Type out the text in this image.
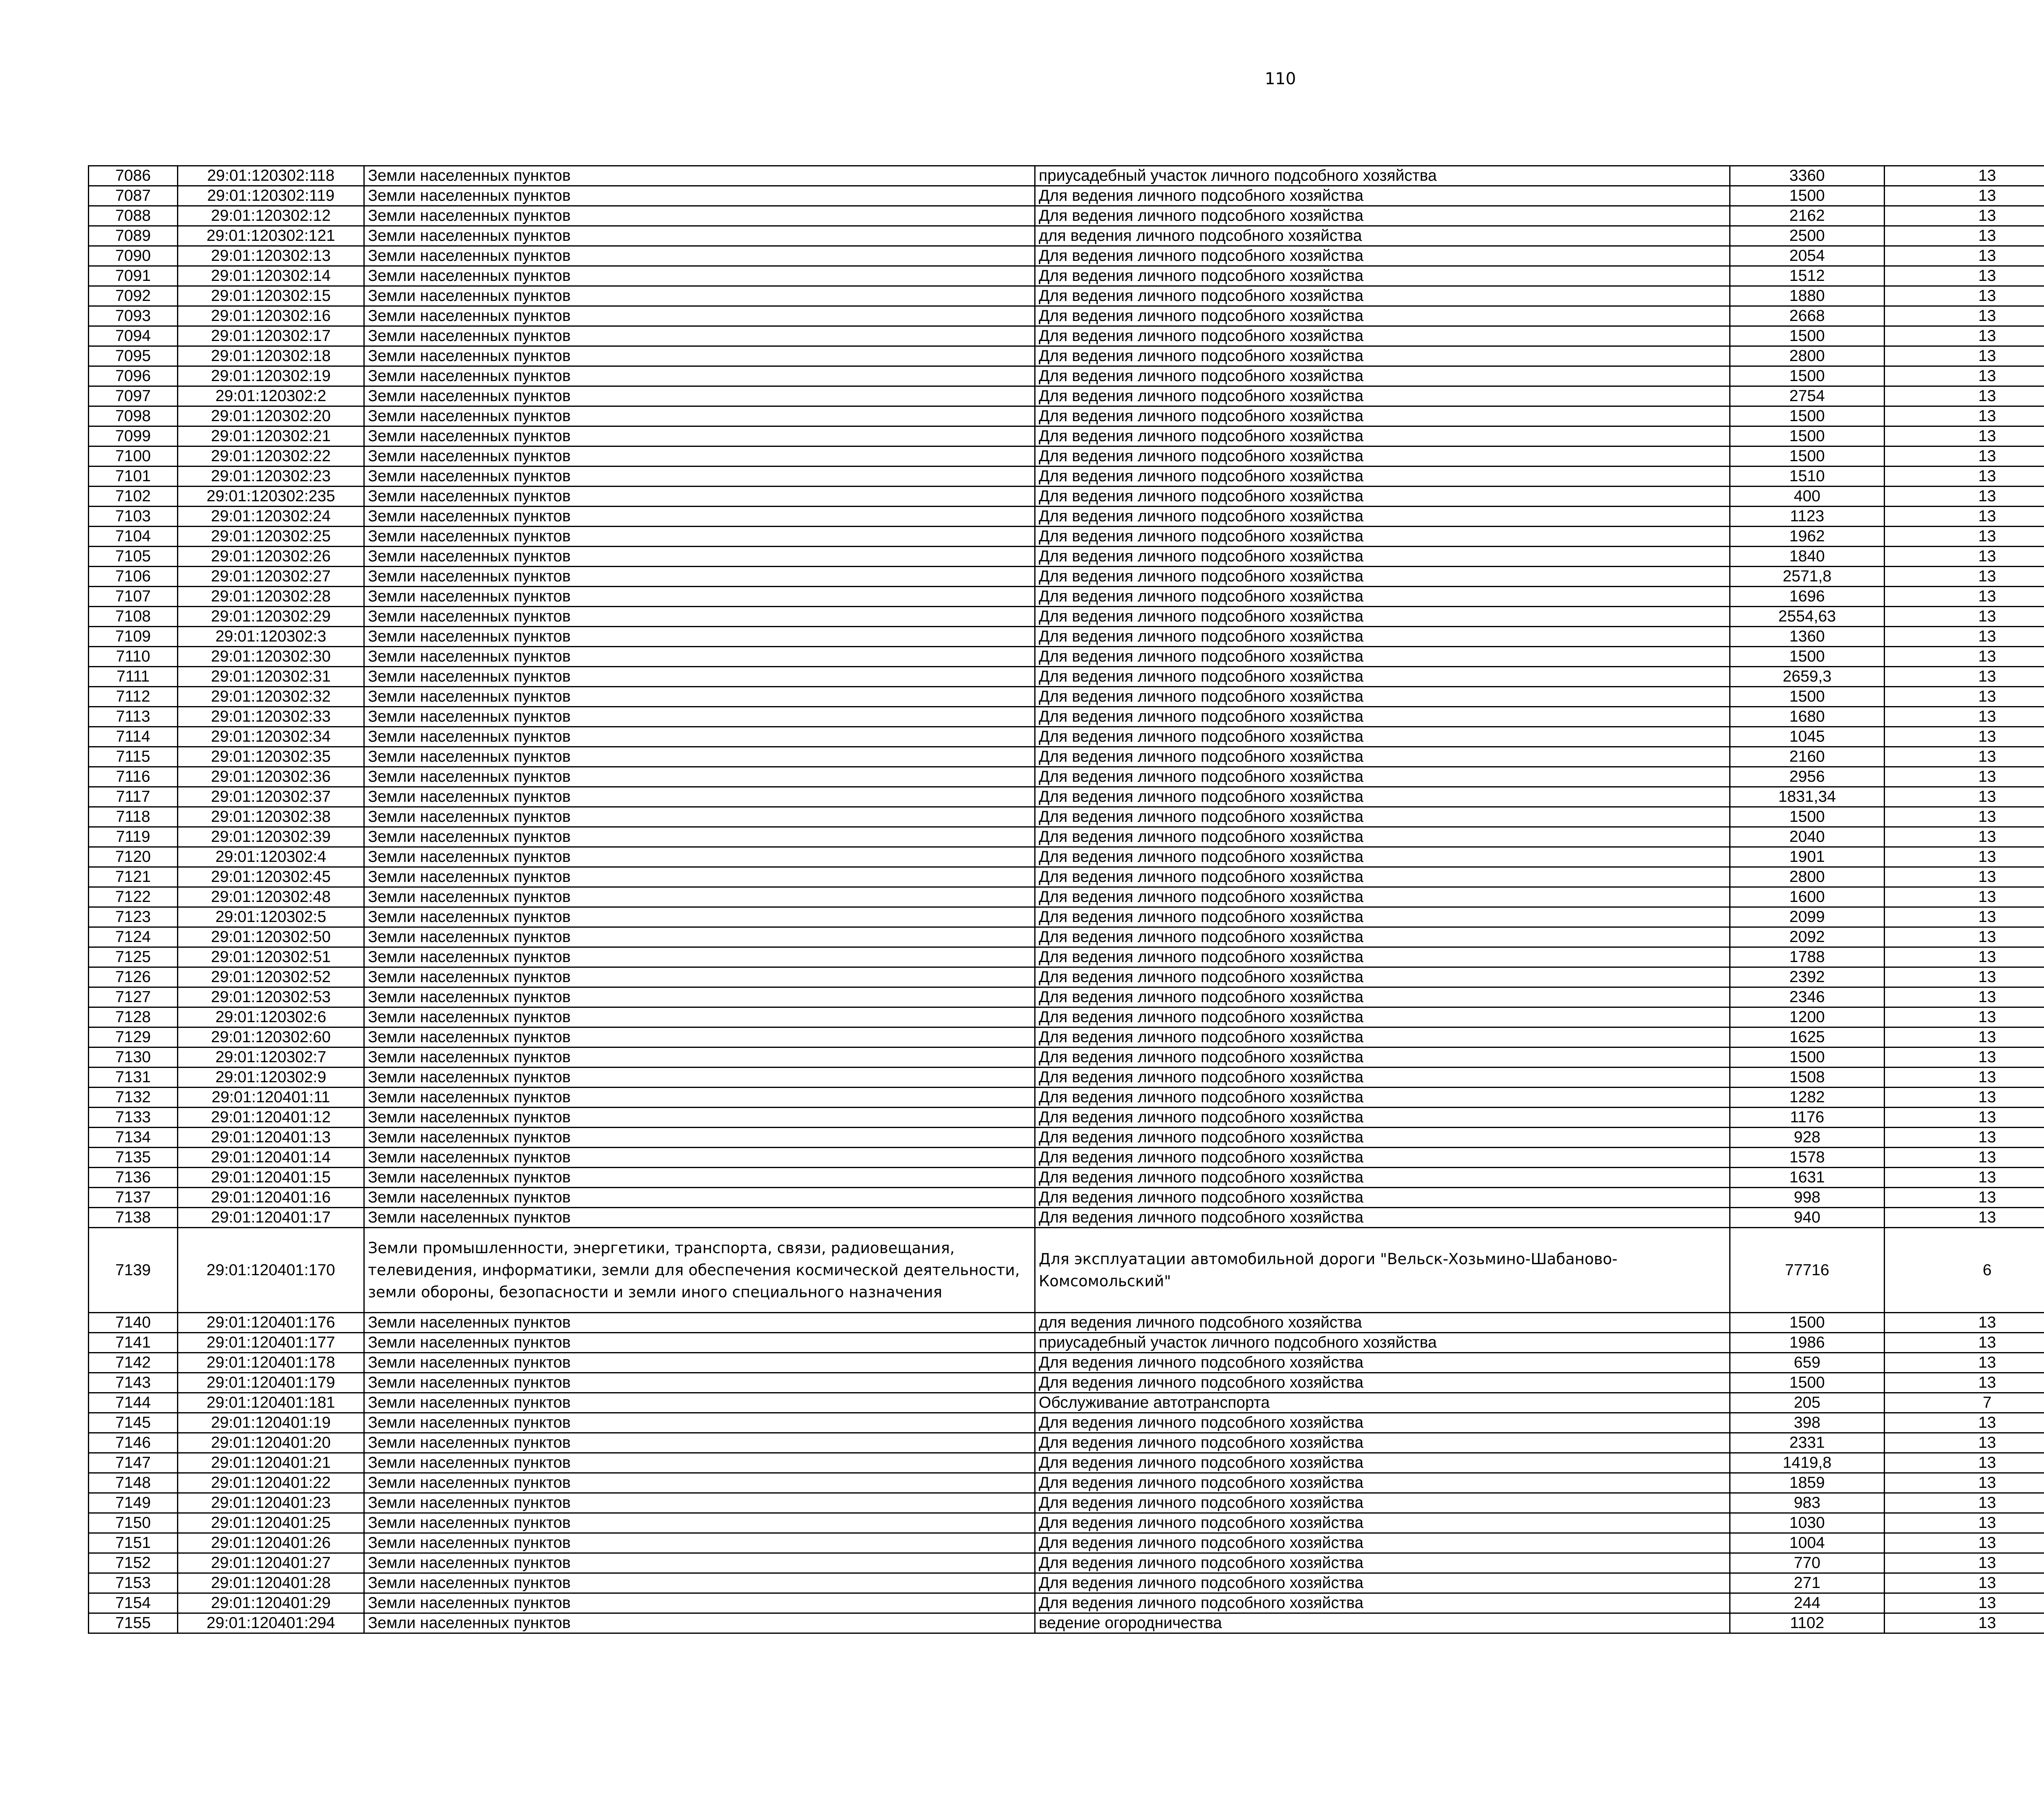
110
7086	29:01:120302:118	Земли населенных пунктов	приусадебный участок личного подсобного хозяйства	3360	13		
7087	29:01:120302:119	Земли населенных пунктов	Для ведения личного подсобного хозяйства	1500	13		
7088	29:01:120302:12	Земли населенных пунктов	Для ведения личного подсобного хозяйства	2162	13		
7089	29:01:120302:121	Земли населенных пунктов	для ведения личного подсобного хозяйства	2500	13		
7090	29:01:120302:13	Земли населенных пунктов	Для ведения личного подсобного хозяйства	2054	13		
7091	29:01:120302:14	Земли населенных пунктов	Для ведения личного подсобного хозяйства	1512	13		
7092	29:01:120302:15	Земли населенных пунктов	Для ведения личного подсобного хозяйства	1880	13		
7093	29:01:120302:16	Земли населенных пунктов	Для ведения личного подсобного хозяйства	2668	13		
7094	29:01:120302:17	Земли населенных пунктов	Для ведения личного подсобного хозяйства	1500	13		
7095	29:01:120302:18	Земли населенных пунктов	Для ведения личного подсобного хозяйства	2800	13		
7096	29:01:120302:19	Земли населенных пунктов	Для ведения личного подсобного хозяйства	1500	13		
7097	29:01:120302:2	Земли населенных пунктов	Для ведения личного подсобного хозяйства	2754	13		
7098	29:01:120302:20	Земли населенных пунктов	Для ведения личного подсобного хозяйства	1500	13		
7099	29:01:120302:21	Земли населенных пунктов	Для ведения личного подсобного хозяйства	1500	13		
7100	29:01:120302:22	Земли населенных пунктов	Для ведения личного подсобного хозяйства	1500	13		
7101	29:01:120302:23	Земли населенных пунктов	Для ведения личного подсобного хозяйства	1510	13		
7102	29:01:120302:235	Земли населенных пунктов	Для ведения личного подсобного хозяйства	400	13		
7103	29:01:120302:24	Земли населенных пунктов	Для ведения личного подсобного хозяйства	1123	13		
7104	29:01:120302:25	Земли населенных пунктов	Для ведения личного подсобного хозяйства	1962	13		
7105	29:01:120302:26	Земли населенных пунктов	Для ведения личного подсобного хозяйства	1840	13		
7106	29:01:120302:27	Земли населенных пунктов	Для ведения личного подсобного хозяйства	2571,8	13		
7107	29:01:120302:28	Земли населенных пунктов	Для ведения личного подсобного хозяйства	1696	13		
7108	29:01:120302:29	Земли населенных пунктов	Для ведения личного подсобного хозяйства	2554,63	13		
7109	29:01:120302:3	Земли населенных пунктов	Для ведения личного подсобного хозяйства	1360	13		
7110	29:01:120302:30	Земли населенных пунктов	Для ведения личного подсобного хозяйства	1500	13		
7111	29:01:120302:31	Земли населенных пунктов	Для ведения личного подсобного хозяйства	2659,3	13		
7112	29:01:120302:32	Земли населенных пунктов	Для ведения личного подсобного хозяйства	1500	13		
7113	29:01:120302:33	Земли населенных пунктов	Для ведения личного подсобного хозяйства	1680	13		
7114	29:01:120302:34	Земли населенных пунктов	Для ведения личного подсобного хозяйства	1045	13		
7115	29:01:120302:35	Земли населенных пунктов	Для ведения личного подсобного хозяйства	2160	13		
7116	29:01:120302:36	Земли населенных пунктов	Для ведения личного подсобного хозяйства	2956	13		
7117	29:01:120302:37	Земли населенных пунктов	Для ведения личного подсобного хозяйства	1831,34	13		
7118	29:01:120302:38	Земли населенных пунктов	Для ведения личного подсобного хозяйства	1500	13		
7119	29:01:120302:39	Земли населенных пунктов	Для ведения личного подсобного хозяйства	2040	13		
7120	29:01:120302:4	Земли населенных пунктов	Для ведения личного подсобного хозяйства	1901	13		
7121	29:01:120302:45	Земли населенных пунктов	Для ведения личного подсобного хозяйства	2800	13		
7122	29:01:120302:48	Земли населенных пунктов	Для ведения личного подсобного хозяйства	1600	13		
7123	29:01:120302:5	Земли населенных пунктов	Для ведения личного подсобного хозяйства	2099	13		
7124	29:01:120302:50	Земли населенных пунктов	Для ведения личного подсобного хозяйства	2092	13		
7125	29:01:120302:51	Земли населенных пунктов	Для ведения личного подсобного хозяйства	1788	13		
7126	29:01:120302:52	Земли населенных пунктов	Для ведения личного подсобного хозяйства	2392	13		
7127	29:01:120302:53	Земли населенных пунктов	Для ведения личного подсобного хозяйства	2346	13		
7128	29:01:120302:6	Земли населенных пунктов	Для ведения личного подсобного хозяйства	1200	13		
7129	29:01:120302:60	Земли населенных пунктов	Для ведения личного подсобного хозяйства	1625	13		
7130	29:01:120302:7	Земли населенных пунктов	Для ведения личного подсобного хозяйства	1500	13		
7131	29:01:120302:9	Земли населенных пунктов	Для ведения личного подсобного хозяйства	1508	13		
7132	29:01:120401:11	Земли населенных пунктов	Для ведения личного подсобного хозяйства	1282	13		
7133	29:01:120401:12	Земли населенных пунктов	Для ведения личного подсобного хозяйства	1176	13		
7134	29:01:120401:13	Земли населенных пунктов	Для ведения личного подсобного хозяйства	928	13		
7135	29:01:120401:14	Земли населенных пунктов	Для ведения личного подсобного хозяйства	1578	13		
7136	29:01:120401:15	Земли населенных пунктов	Для ведения личного подсобного хозяйства	1631	13		
7137	29:01:120401:16	Земли населенных пунктов	Для ведения личного подсобного хозяйства	998	13		
7138	29:01:120401:17	Земли населенных пунктов	Для ведения личного подсобного хозяйства	940	13		
7139	29:01:120401:170	Земли промышленности, энергетики, транспорта, связи, радиовещания, телевидения, информатики, земли для обеспечения космической деятельности, земли обороны, безопасности и земли иного специального назначения	Для эксплуатации автомобильной дороги "Вельск-Хозьмино-Шабаново-Комсомольский"	77716	6		
7140	29:01:120401:176	Земли населенных пунктов	для ведения личного подсобного хозяйства	1500	13		
7141	29:01:120401:177	Земли населенных пунктов	приусадебный участок личного подсобного хозяйства	1986	13		
7142	29:01:120401:178	Земли населенных пунктов	Для ведения личного подсобного хозяйства	659	13		
7143	29:01:120401:179	Земли населенных пунктов	Для ведения личного подсобного хозяйства	1500	13		
7144	29:01:120401:181	Земли населенных пунктов	Обслуживание автотранспорта	205	7		
7145	29:01:120401:19	Земли населенных пунктов	Для ведения личного подсобного хозяйства	398	13		
7146	29:01:120401:20	Земли населенных пунктов	Для ведения личного подсобного хозяйства	2331	13		
7147	29:01:120401:21	Земли населенных пунктов	Для ведения личного подсобного хозяйства	1419,8	13		
7148	29:01:120401:22	Земли населенных пунктов	Для ведения личного подсобного хозяйства	1859	13		
7149	29:01:120401:23	Земли населенных пунктов	Для ведения личного подсобного хозяйства	983	13		
7150	29:01:120401:25	Земли населенных пунктов	Для ведения личного подсобного хозяйства	1030	13		
7151	29:01:120401:26	Земли населенных пунктов	Для ведения личного подсобного хозяйства	1004	13		
7152	29:01:120401:27	Земли населенных пунктов	Для ведения личного подсобного хозяйства	770	13		
7153	29:01:120401:28	Земли населенных пунктов	Для ведения личного подсобного хозяйства	271	13		
7154	29:01:120401:29	Земли населенных пунктов	Для ведения личного подсобного хозяйства	244	13		
7155	29:01:120401:294	Земли населенных пунктов	ведение огородничества	1102	13		
